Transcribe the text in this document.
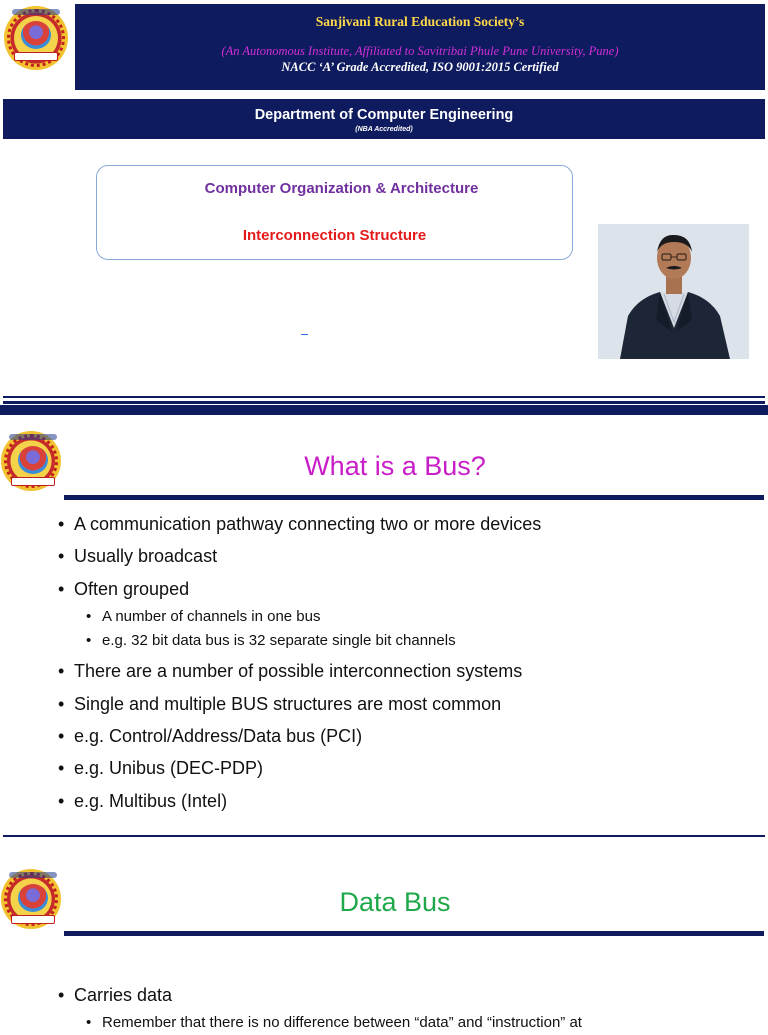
Sanjivani Rural Education Society’s
(An Autonomous Institute, Affiliated to Savitribai Phule Pune University, Pune)
NACC ‘A’ Grade Accredited, ISO 9001:2015 Certified
Department of Computer Engineering
(NBA Accredited)
Computer Organization & Architecture
Interconnection Structure
What is a Bus?
• A communication pathway connecting two or more devices
• Usually broadcast
• Often grouped
• A number of channels in one bus
• e.g. 32 bit data bus is 32 separate single bit channels
• There are a number of possible interconnection systems
• Single and multiple BUS structures are most common
• e.g. Control/Address/Data bus (PCI)
• e.g. Unibus (DEC-PDP)
• e.g. Multibus (Intel)
Data Bus
• Carries data
• Remember that there is no difference between “data” and “instruction” at
